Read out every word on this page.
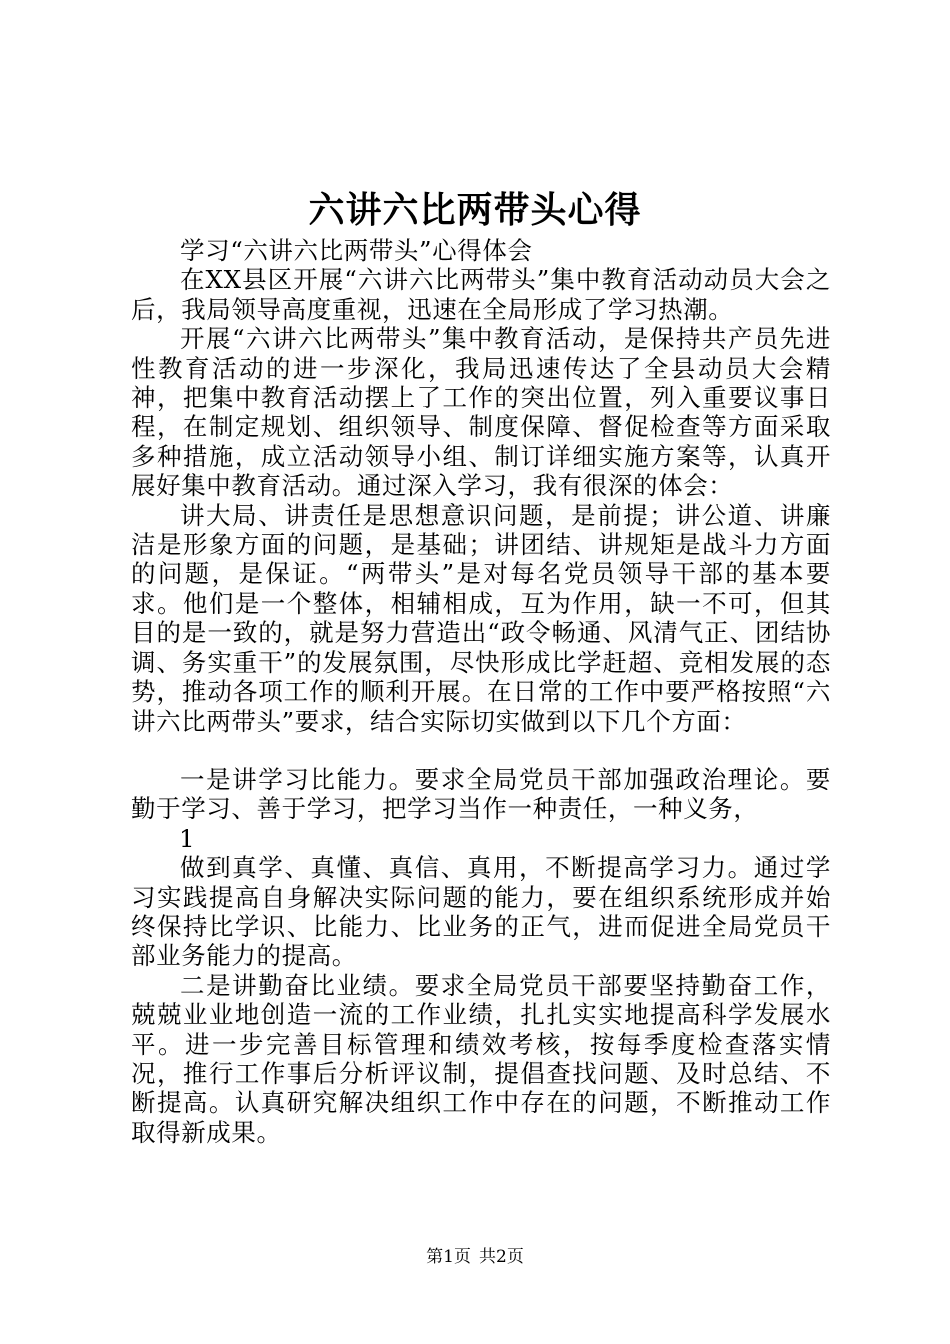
六讲六比两带头心得

学习“六讲六比两带头”心得体会

在XX县区开展“六讲六比两带头”集中教育活动动员大会之后，我局领导高度重视，迅速在全局形成了学习热潮。

开展“六讲六比两带头”集中教育活动，是保持共产员先进性教育活动的进一步深化，我局迅速传达了全县动员大会精神，把集中教育活动摆上了工作的突出位置，列入重要议事日程，在制定规划、组织领导、制度保障、督促检查等方面采取多种措施，成立活动领导小组、制订详细实施方案等，认真开展好集中教育活动。通过深入学习，我有很深的体会：

讲大局、讲责任是思想意识问题，是前提；讲公道、讲廉洁是形象方面的问题，是基础；讲团结、讲规矩是战斗力方面的问题，是保证。“两带头”是对每名党员领导干部的基本要求。他们是一个整体，相辅相成，互为作用，缺一不可，但其目的是一致的，就是努力营造出“政令畅通、风清气正、团结协调、务实重干”的发展氛围，尽快形成比学赶超、竞相发展的态势，推动各项工作的顺利开展。在日常的工作中要严格按照“六讲六比两带头”要求，结合实际切实做到以下几个方面：

一是讲学习比能力。要求全局党员干部加强政治理论。要勤于学习、善于学习，把学习当作一种责任，一种义务，

1

做到真学、真懂、真信、真用，不断提高学习力。通过学习实践提高自身解决实际问题的能力，要在组织系统形成并始终保持比学识、比能力、比业务的正气，进而促进全局党员干部业务能力的提高。

二是讲勤奋比业绩。要求全局党员干部要坚持勤奋工作，兢兢业业地创造一流的工作业绩，扎扎实实地提高科学发展水平。进一步完善目标管理和绩效考核，按每季度检查落实情况，推行工作事后分析评议制，提倡查找问题、及时总结、不断提高。认真研究解决组织工作中存在的问题，不断推动工作取得新成果。

第1页 共2页
